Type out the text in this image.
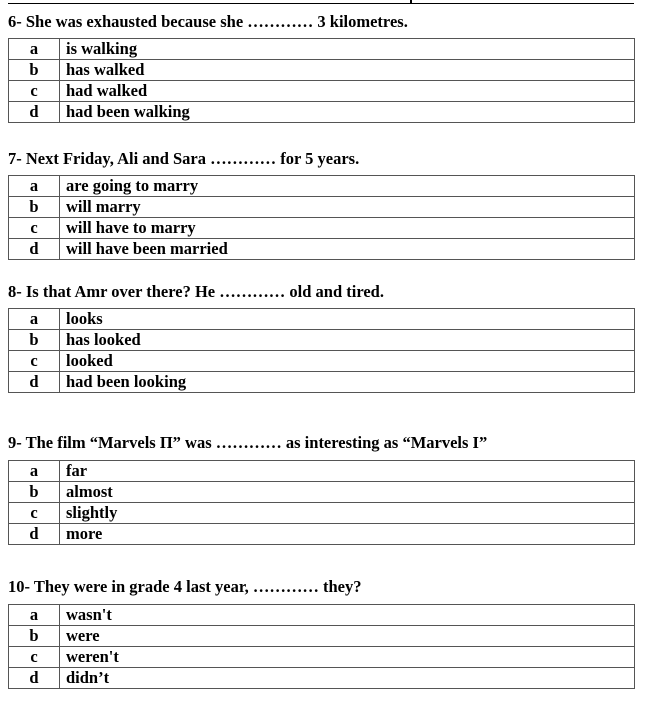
6- She was exhausted because she ………… 3 kilometres.
a	is walking
b	has walked
c	had walked
d	had been walking
7- Next Friday, Ali and Sara ………… for 5 years.
a	are going to marry
b	will marry
c	will have to marry
d	will have been married
8- Is that Amr over there? He ………… old and tired.
a	looks
b	has looked
c	looked
d	had been looking
9- The film “Marvels П” was ………… as interesting as “Marvels I”
a	far
b	almost
c	slightly
d	more
10- They were in grade 4 last year, ………… they?
a	wasn't
b	were
c	weren't
d	didn’t
